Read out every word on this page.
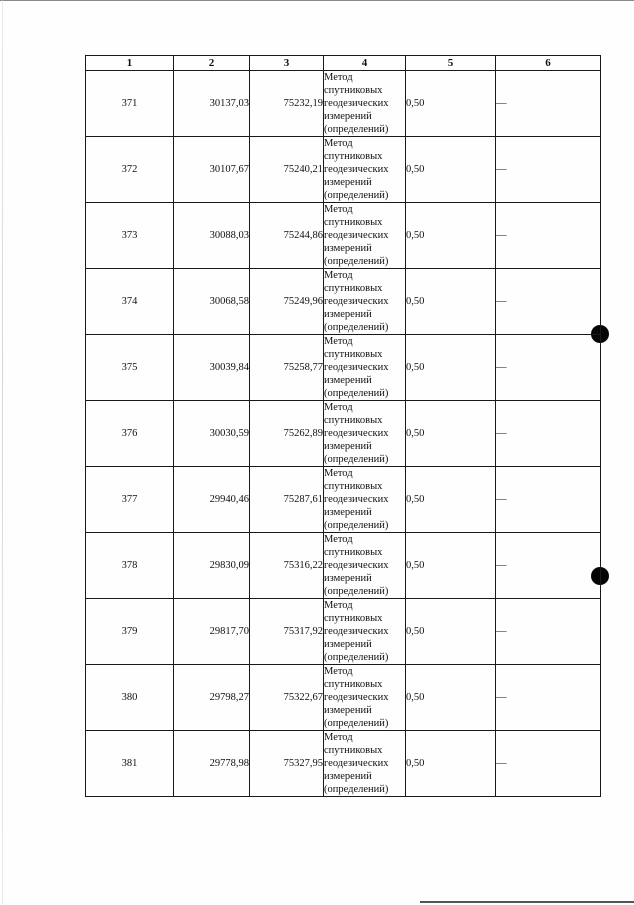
1	2	3	4	5	6
371	30137,03	75232,19	Метод
спутниковых
геодезических
измерений
(определений)	0,50	—
372	30107,67	75240,21	Метод
спутниковых
геодезических
измерений
(определений)	0,50	—
373	30088,03	75244,86	Метод
спутниковых
геодезических
измерений
(определений)	0,50	—
374	30068,58	75249,96	Метод
спутниковых
геодезических
измерений
(определений)	0,50	—
375	30039,84	75258,77	Метод
спутниковых
геодезических
измерений
(определений)	0,50	—
376	30030,59	75262,89	Метод
спутниковых
геодезических
измерений
(определений)	0,50	—
377	29940,46	75287,61	Метод
спутниковых
геодезических
измерений
(определений)	0,50	—
378	29830,09	75316,22	Метод
спутниковых
геодезических
измерений
(определений)	0,50	—
379	29817,70	75317,92	Метод
спутниковых
геодезических
измерений
(определений)	0,50	—
380	29798,27	75322,67	Метод
спутниковых
геодезических
измерений
(определений)	0,50	—
381	29778,98	75327,95	Метод
спутниковых
геодезических
измерений
(определений)	0,50	—
